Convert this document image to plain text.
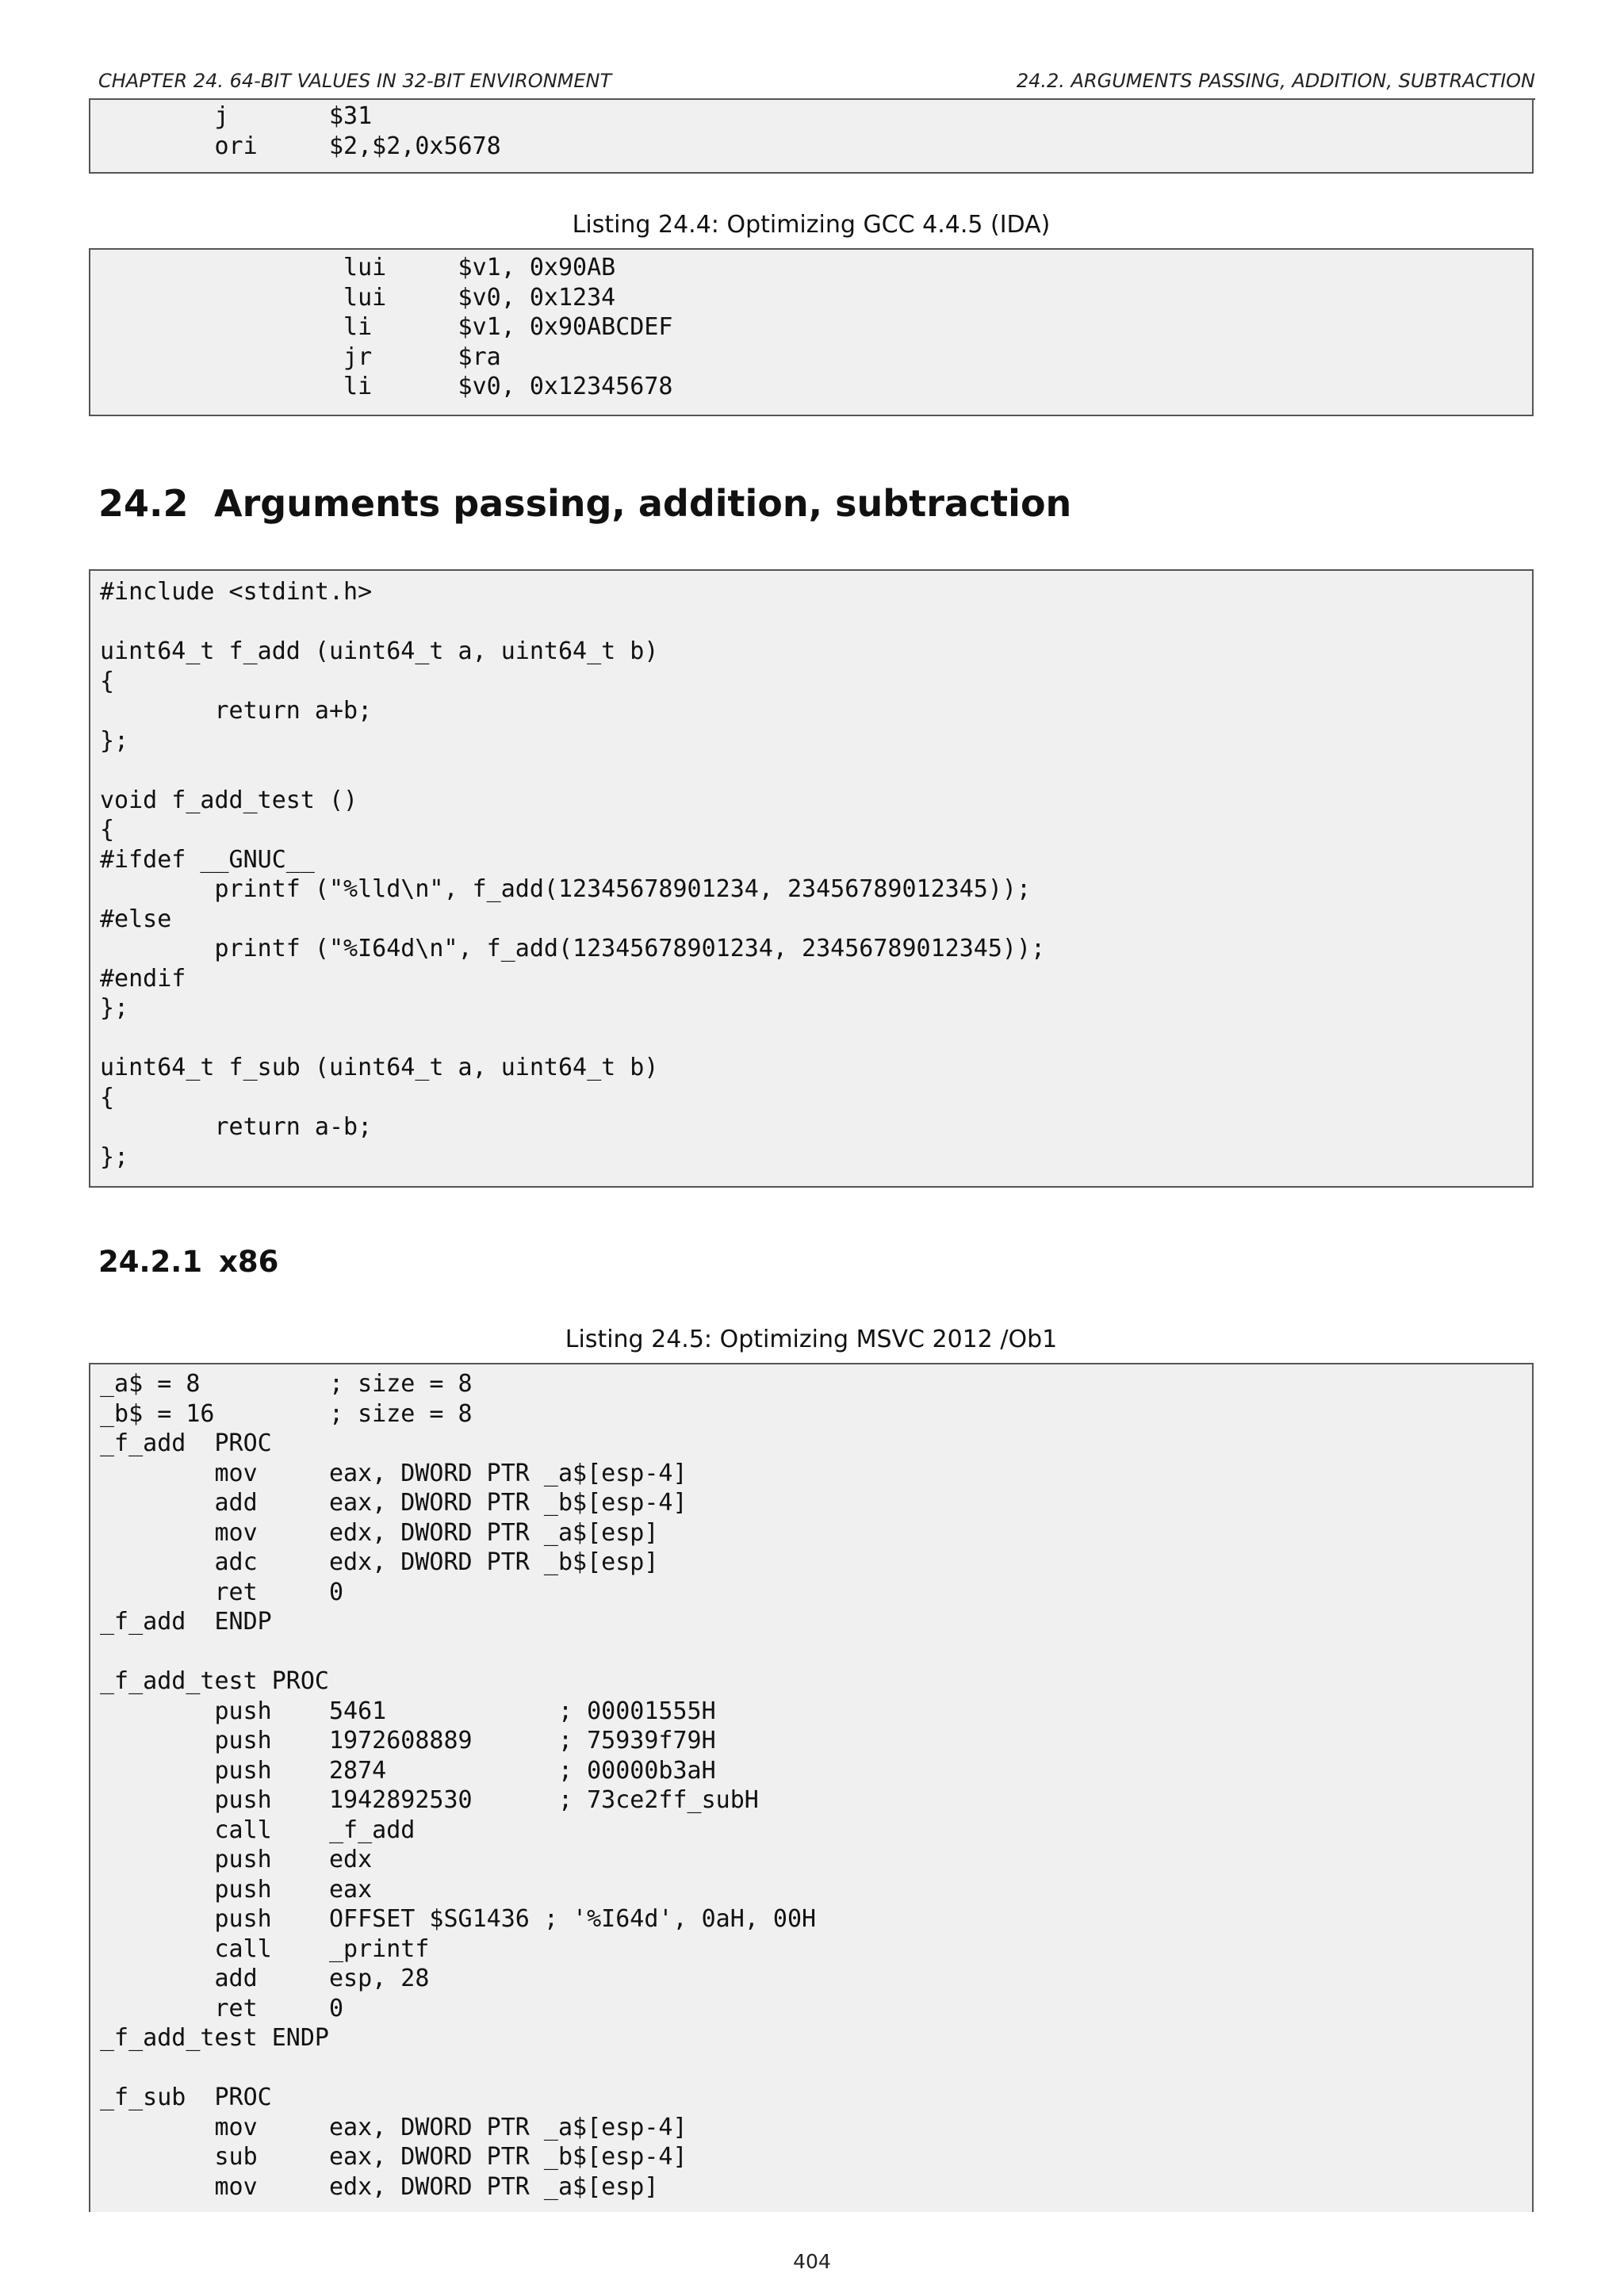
CHAPTER 24. 64-BIT VALUES IN 32-BIT ENVIRONMENT	24.2. ARGUMENTS PASSING, ADDITION, SUBTRACTION
j       $31
ori     $2,$2,0x5678
Listing 24.4: Optimizing GCC 4.4.5 (IDA)
lui     $v1, 0x90AB
lui     $v0, 0x1234
li      $v1, 0x90ABCDEF
jr      $ra
li      $v0, 0x12345678
24.2 Arguments passing, addition, subtraction
#include <stdint.h>

uint64_t f_add (uint64_t a, uint64_t b)
{
return a+b;
};

void f_add_test ()
{
#ifdef __GNUC__
printf ("%lld\n", f_add(12345678901234, 23456789012345));
#else
printf ("%I64d\n", f_add(12345678901234, 23456789012345));
#endif
};

uint64_t f_sub (uint64_t a, uint64_t b)
{
return a-b;
};
24.2.1 x86
Listing 24.5: Optimizing MSVC 2012 /Ob1
_a$ = 8         ; size = 8
_b$ = 16        ; size = 8
_f_add  PROC
mov     eax, DWORD PTR _a$[esp-4]
add     eax, DWORD PTR _b$[esp-4]
mov     edx, DWORD PTR _a$[esp]
adc     edx, DWORD PTR _b$[esp]
ret     0
_f_add  ENDP

_f_add_test PROC
push    5461            ; 00001555H
push    1972608889      ; 75939f79H
push    2874            ; 00000b3aH
push    1942892530      ; 73ce2ff_subH
call    _f_add
push    edx
push    eax
push    OFFSET $SG1436 ; '%I64d', 0aH, 00H
call    _printf
add     esp, 28
ret     0
_f_add_test ENDP

_f_sub  PROC
mov     eax, DWORD PTR _a$[esp-4]
sub     eax, DWORD PTR _b$[esp-4]
mov     edx, DWORD PTR _a$[esp]
404
